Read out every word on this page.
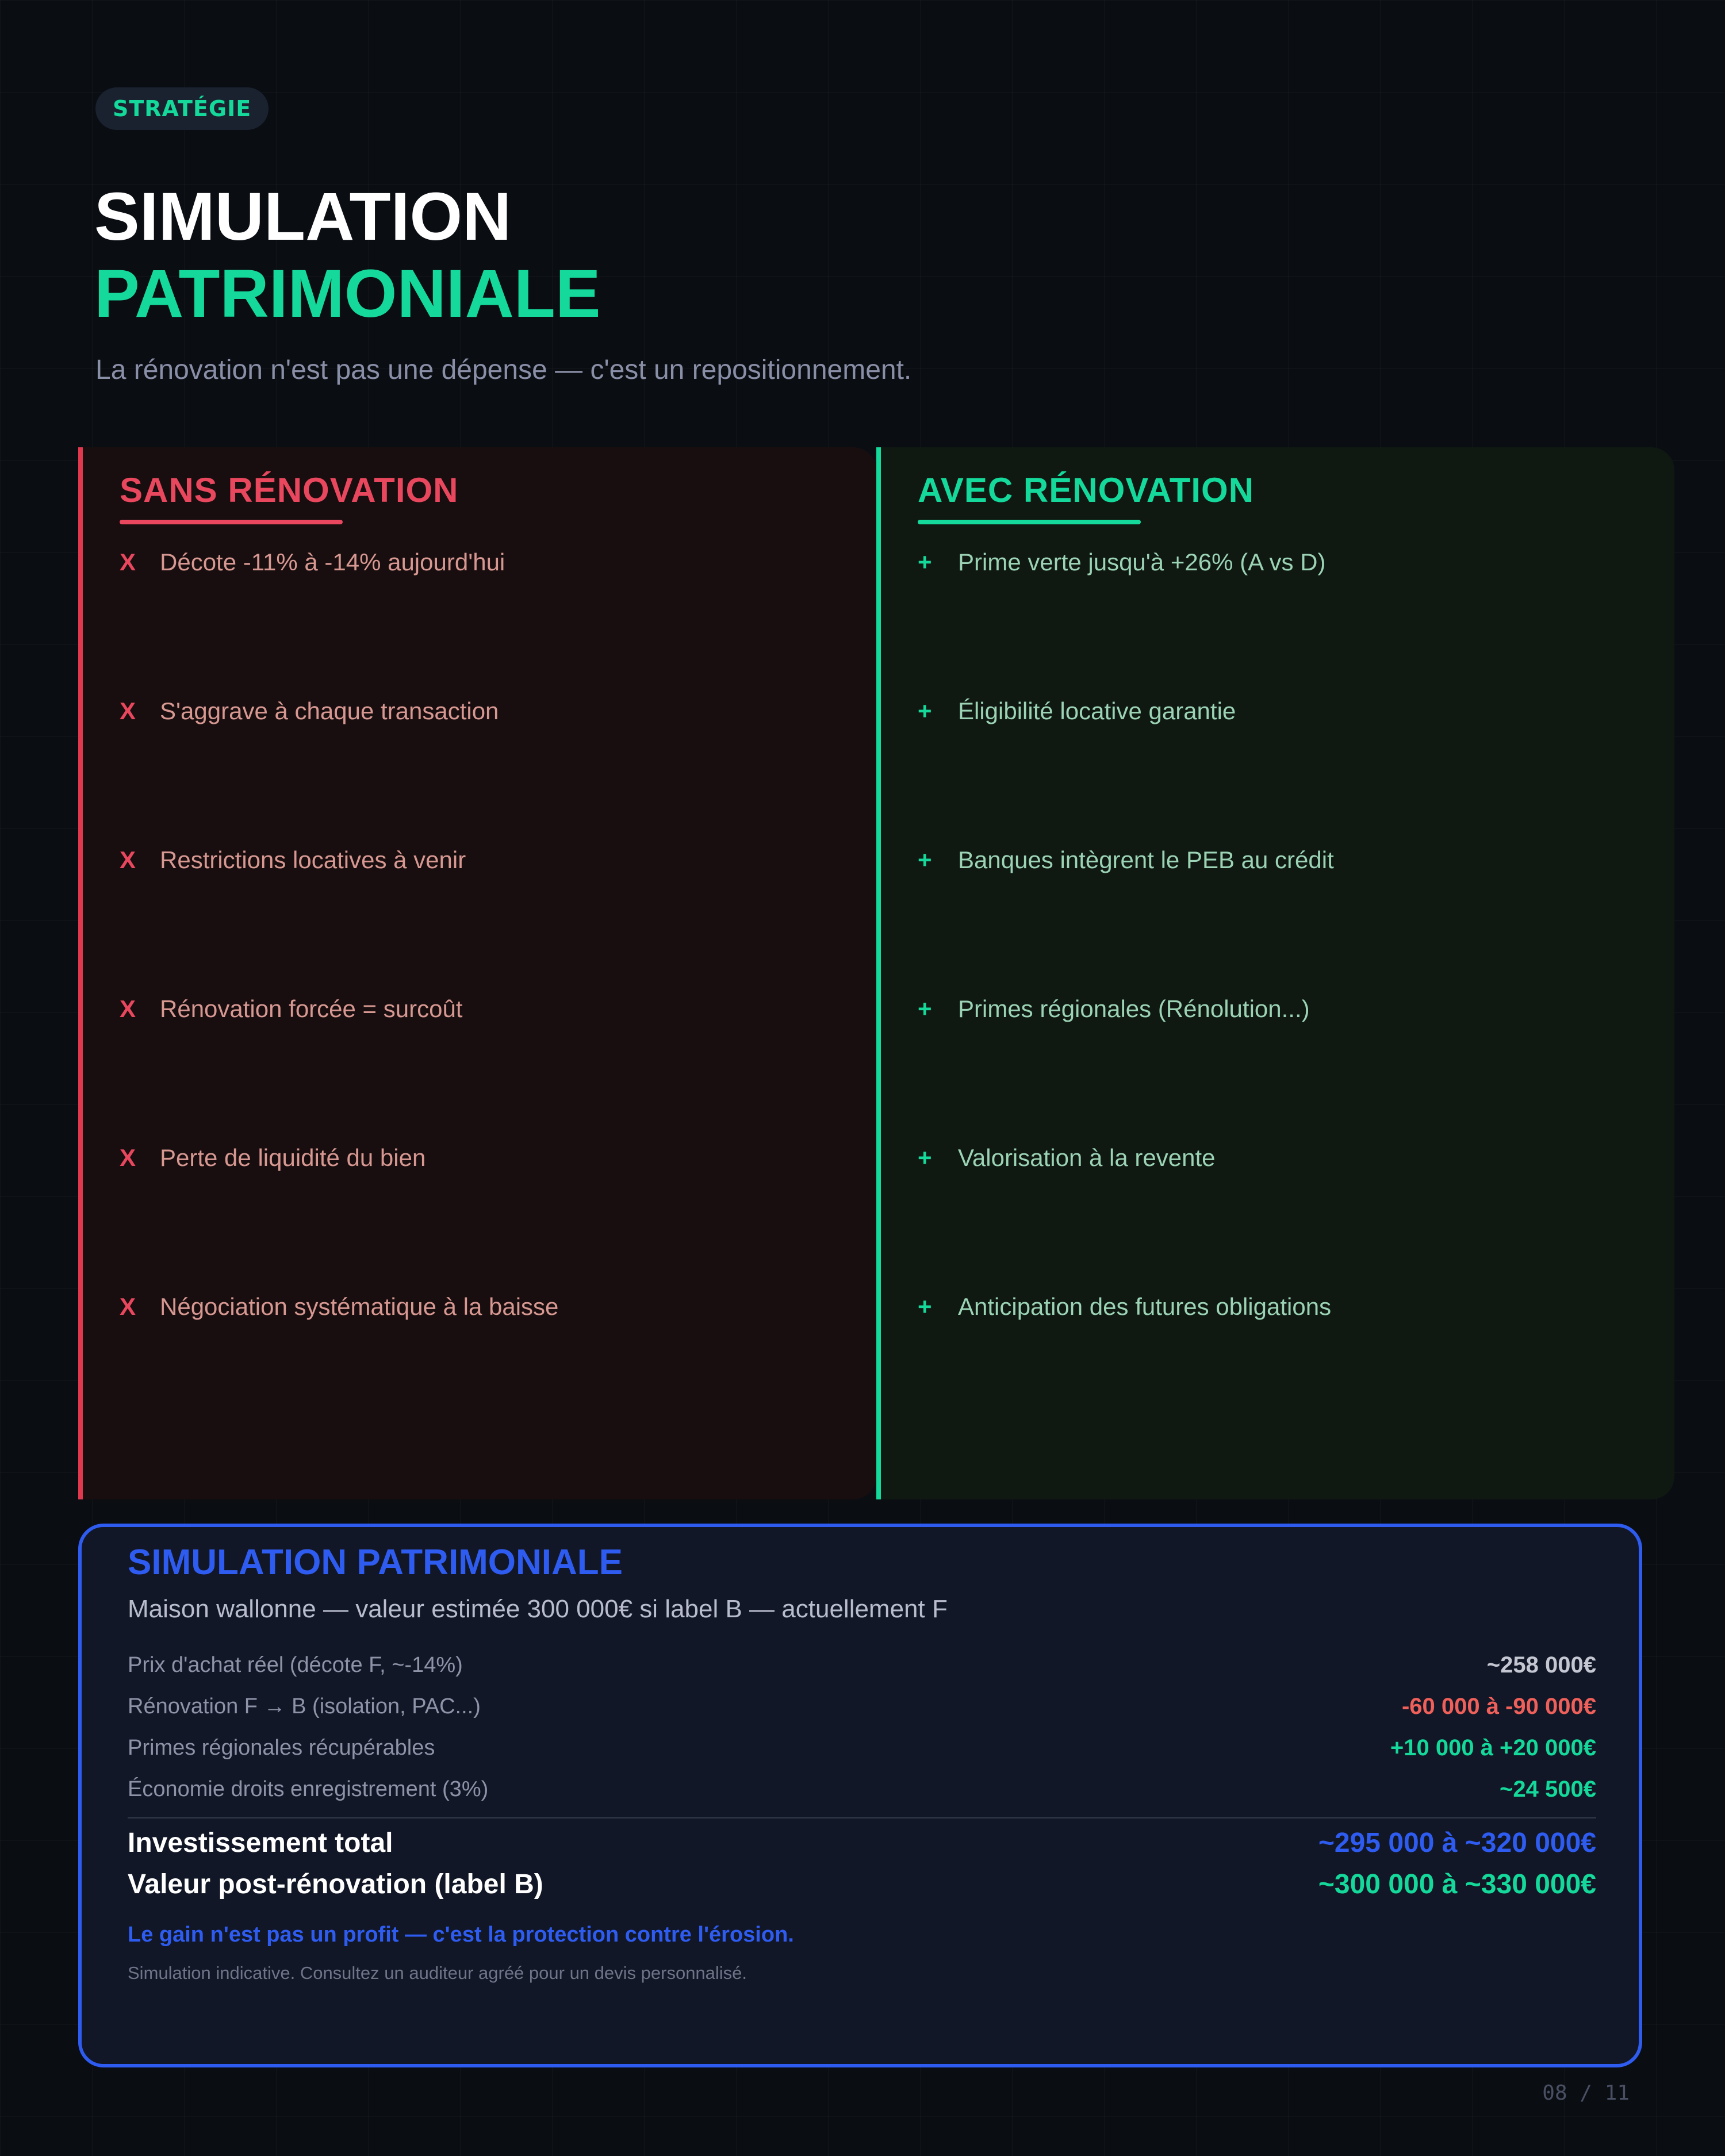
STRATÉGIE
SIMULATION
PATRIMONIALE
La rénovation n'est pas une dépense — c'est un repositionnement.
SANS RÉNOVATION
X Décote -11% à -14% aujourd'hui
X S'aggrave à chaque transaction
X Restrictions locatives à venir
X Rénovation forcée = surcoût
X Perte de liquidité du bien
X Négociation systématique à la baisse
AVEC RÉNOVATION
+	Prime verte jusqu'à +26% (A vs D)
+	Éligibilité locative garantie
+	Banques intègrent le PEB au crédit
+	Primes régionales (Rénolution...)
+	Valorisation à la revente
+	Anticipation des futures obligations
SIMULATION PATRIMONIALE
Maison wallonne — valeur estimée 300 000€ si label B — actuellement F
Prix d'achat réel (décote F, ~-14%)	~258 000€
Rénovation F → B (isolation, PAC...)	-60 000 à -90 000€
Primes régionales récupérables	+10 000 à +20 000€
Économie droits enregistrement (3%)	~24 500€
Investissement total	~295 000 à ~320 000€
Valeur post-rénovation (label B)	~300 000 à ~330 000€
Le gain n'est pas un profit — c'est la protection contre l'érosion.
Simulation indicative. Consultez un auditeur agréé pour un devis personnalisé.
08 / 11
